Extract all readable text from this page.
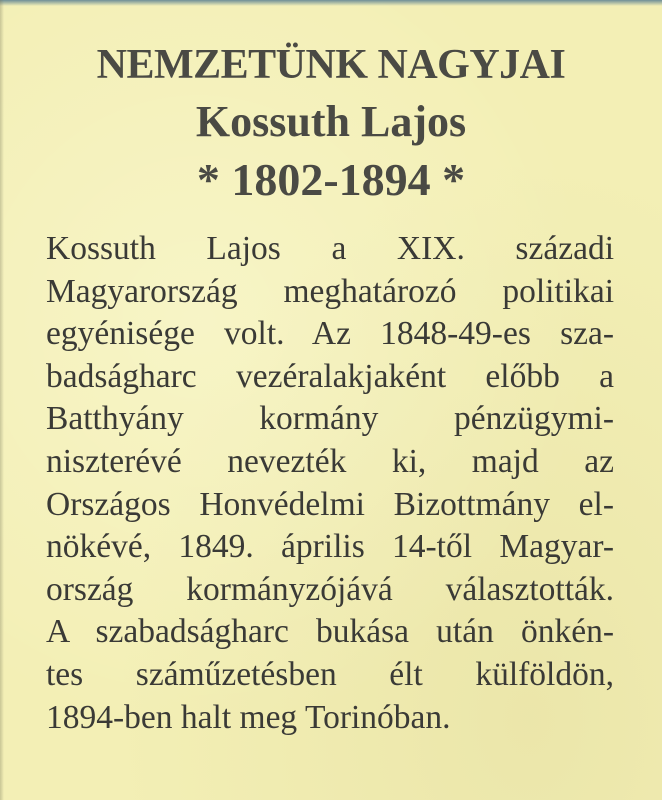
NEMZETÜNK NAGYJAI
Kossuth Lajos
* 1802-1894 *
Kossuth Lajos a XIX. századi
Magyarország meghatározó politikai
egyénisége volt. Az 1848-49-es sza-
badságharc vezéralakjaként előbb a
Batthyány kormány pénzügymi-
niszterévé nevezték ki, majd az
Országos Honvédelmi Bizottmány el-
nökévé, 1849. április 14-től Magyar-
ország kormányzójává választották.
A szabadságharc bukása után önkén-
tes száműzetésben élt külföldön,
1894-ben halt meg Torinóban.
